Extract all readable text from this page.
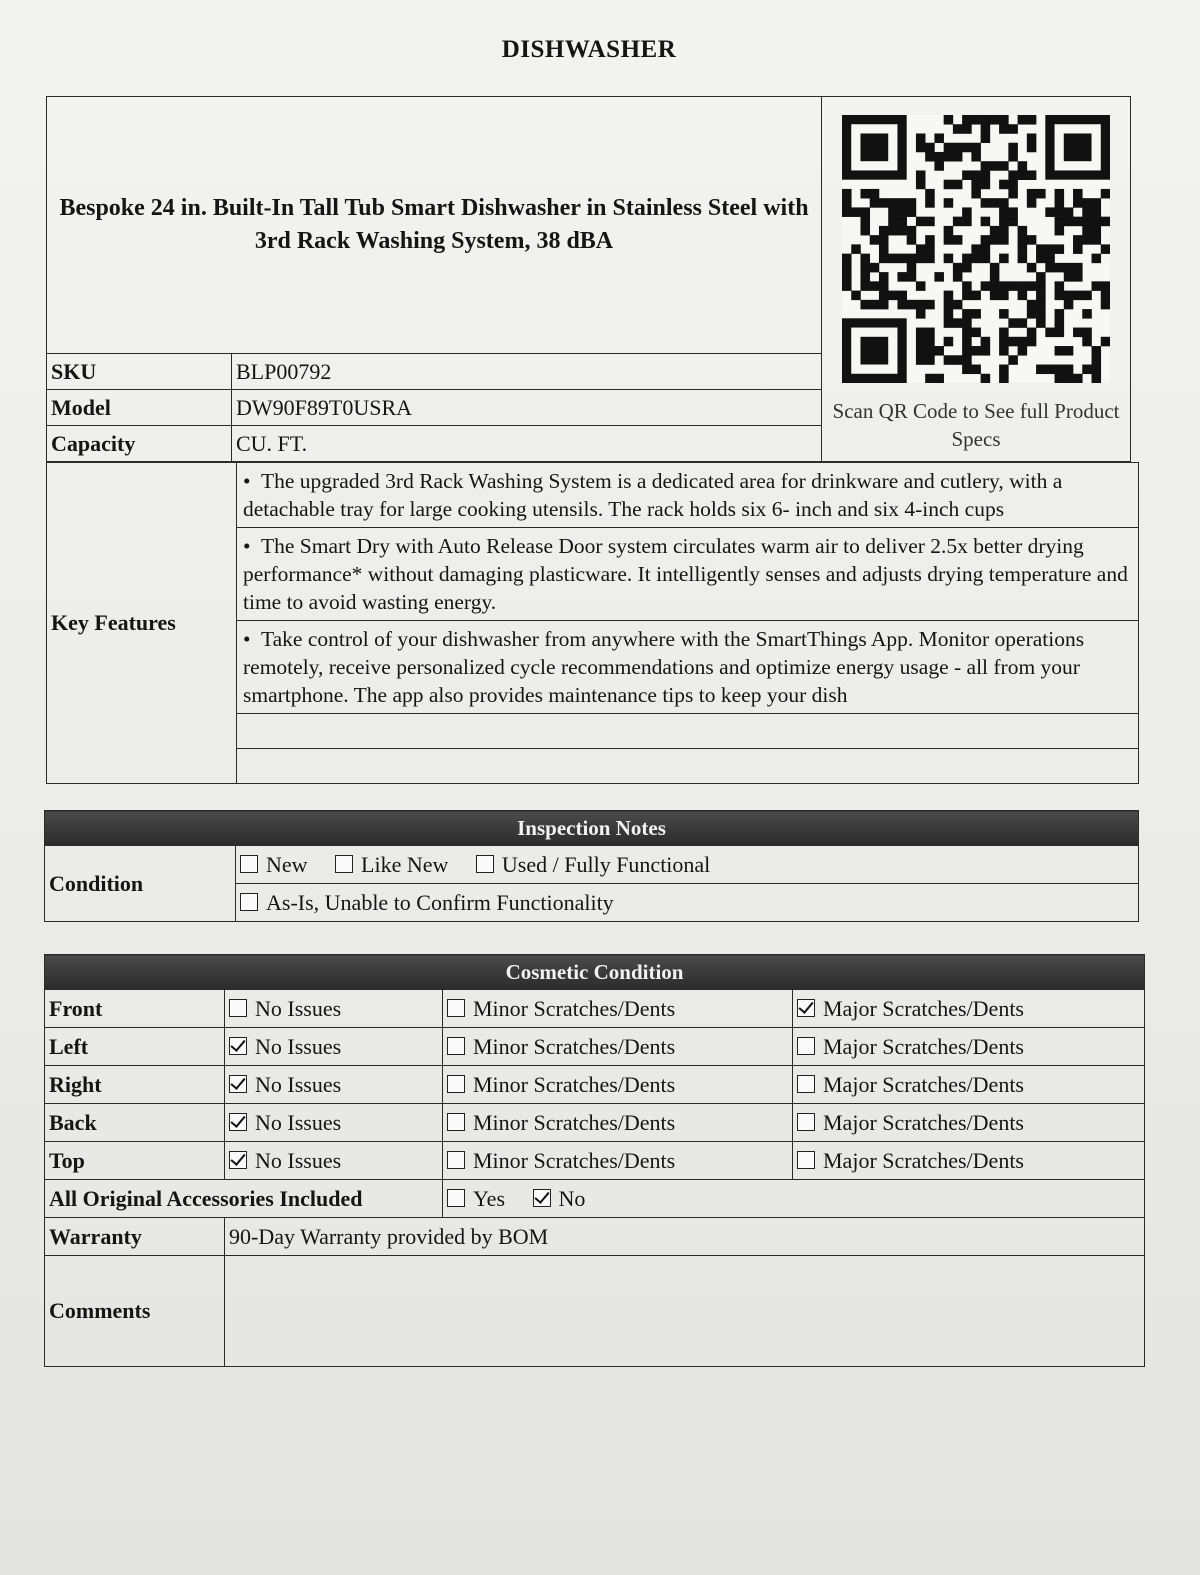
DISHWASHER
Bespoke 24 in. Built-In Tall Tub Smart Dishwasher in Stainless Steel with 3rd Rack Washing System, 38 dBA		Scan QR Code to See full Product Specs

SKU	BLP00792	
Model	DW90F89T0USRA	
Capacity	CU. FT.	
Key Features	• The upgraded 3rd Rack Washing System is a dedicated area for drinkware and cutlery, with a detachable tray for large cooking utensils. The rack holds six 6- inch and six 4-inch cups
• The Smart Dry with Auto Release Door system circulates warm air to deliver 2.5x better drying performance* without damaging plasticware. It intelligently senses and adjusts drying temperature and time to avoid wasting energy.
• Take control of your dishwasher from anywhere with the SmartThings App. Monitor operations remotely, receive personalized cycle recommendations and optimize energy usage - all from your smartphone. The app also provides maintenance tips to keep your dish

Inspection Notes
Condition	New Like New Used / Fully Functional
As-Is, Unable to Confirm Functionality
Cosmetic Condition			
Front	No Issues	Minor Scratches/Dents	Major Scratches/Dents
Left	No Issues	Minor Scratches/Dents	Major Scratches/Dents
Right	No Issues	Minor Scratches/Dents	Major Scratches/Dents
Back	No Issues	Minor Scratches/Dents	Major Scratches/Dents
Top	No Issues	Minor Scratches/Dents	Major Scratches/Dents
All Original Accessories Included		Yes No	
Warranty	90-Day Warranty provided by BOM		
Comments			
